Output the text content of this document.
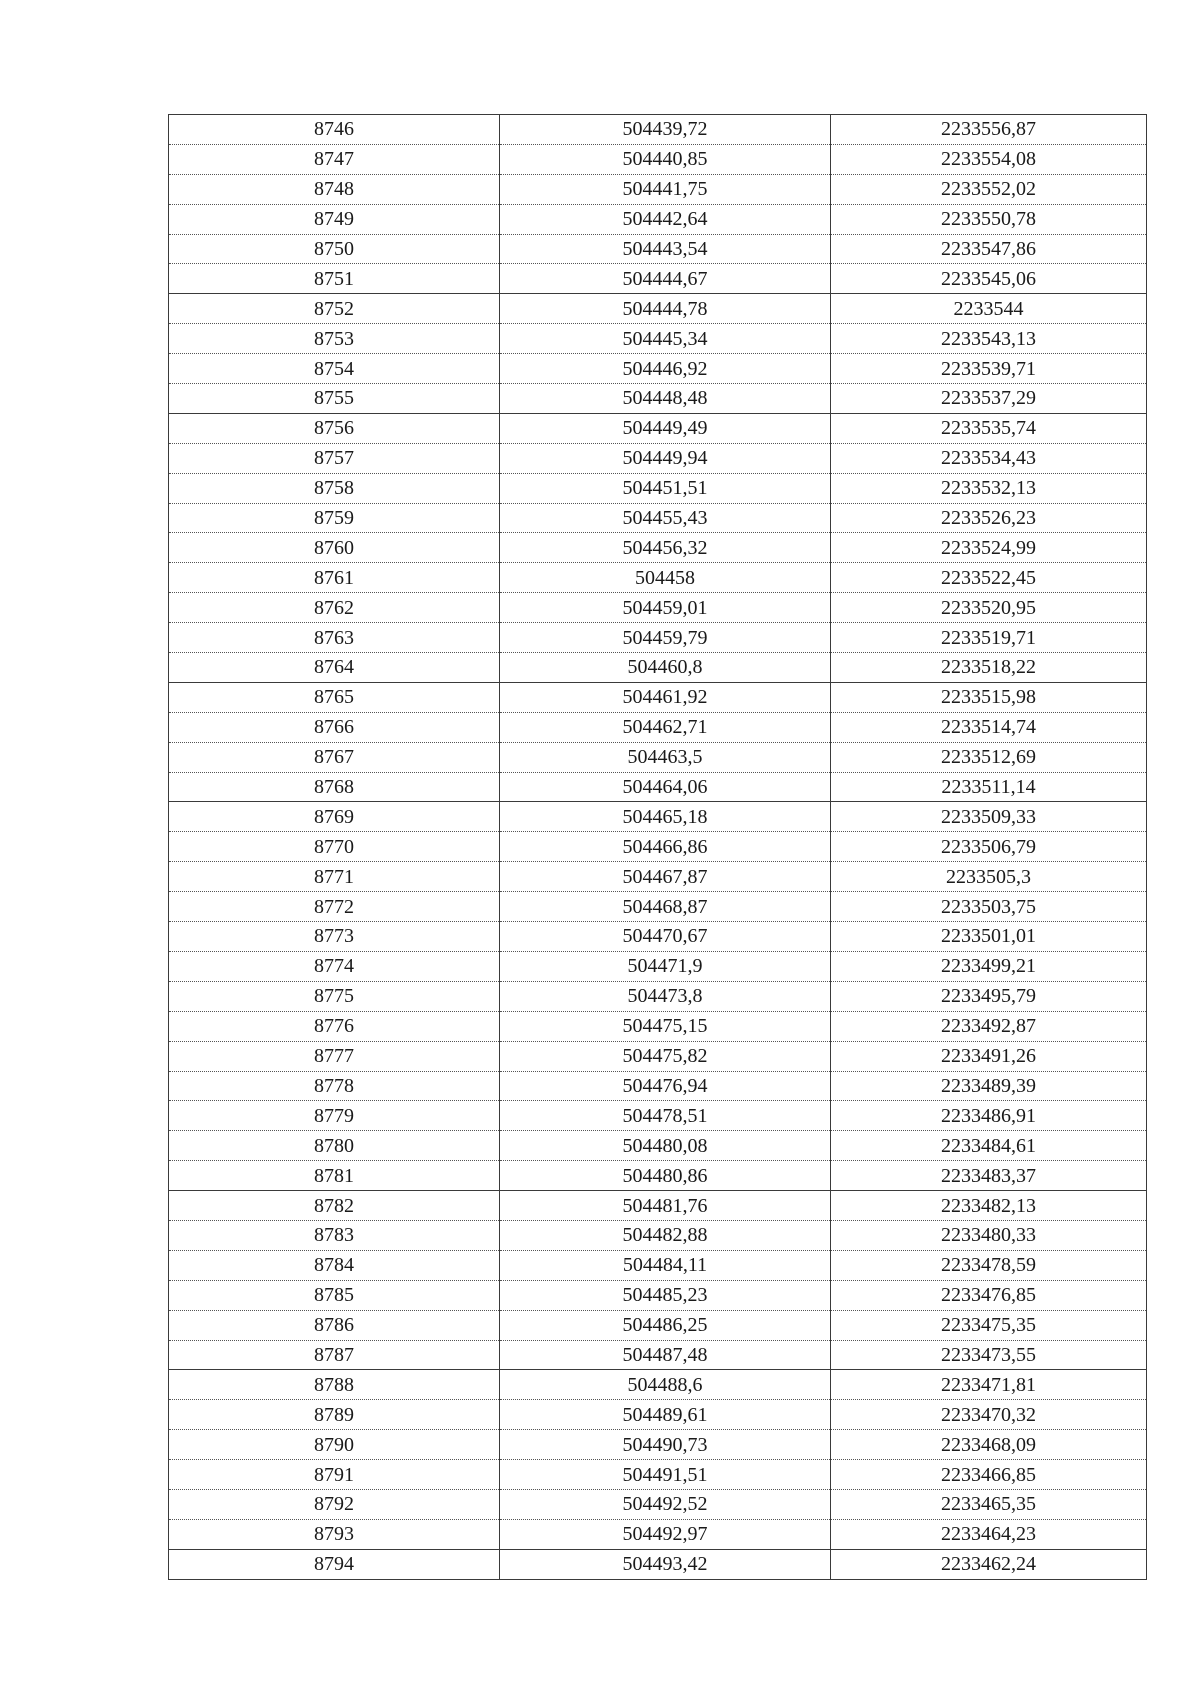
8746	504439,72	2233556,87
8747	504440,85	2233554,08
8748	504441,75	2233552,02
8749	504442,64	2233550,78
8750	504443,54	2233547,86
8751	504444,67	2233545,06
8752	504444,78	2233544
8753	504445,34	2233543,13
8754	504446,92	2233539,71
8755	504448,48	2233537,29
8756	504449,49	2233535,74
8757	504449,94	2233534,43
8758	504451,51	2233532,13
8759	504455,43	2233526,23
8760	504456,32	2233524,99
8761	504458	2233522,45
8762	504459,01	2233520,95
8763	504459,79	2233519,71
8764	504460,8	2233518,22
8765	504461,92	2233515,98
8766	504462,71	2233514,74
8767	504463,5	2233512,69
8768	504464,06	2233511,14
8769	504465,18	2233509,33
8770	504466,86	2233506,79
8771	504467,87	2233505,3
8772	504468,87	2233503,75
8773	504470,67	2233501,01
8774	504471,9	2233499,21
8775	504473,8	2233495,79
8776	504475,15	2233492,87
8777	504475,82	2233491,26
8778	504476,94	2233489,39
8779	504478,51	2233486,91
8780	504480,08	2233484,61
8781	504480,86	2233483,37
8782	504481,76	2233482,13
8783	504482,88	2233480,33
8784	504484,11	2233478,59
8785	504485,23	2233476,85
8786	504486,25	2233475,35
8787	504487,48	2233473,55
8788	504488,6	2233471,81
8789	504489,61	2233470,32
8790	504490,73	2233468,09
8791	504491,51	2233466,85
8792	504492,52	2233465,35
8793	504492,97	2233464,23
8794	504493,42	2233462,24
